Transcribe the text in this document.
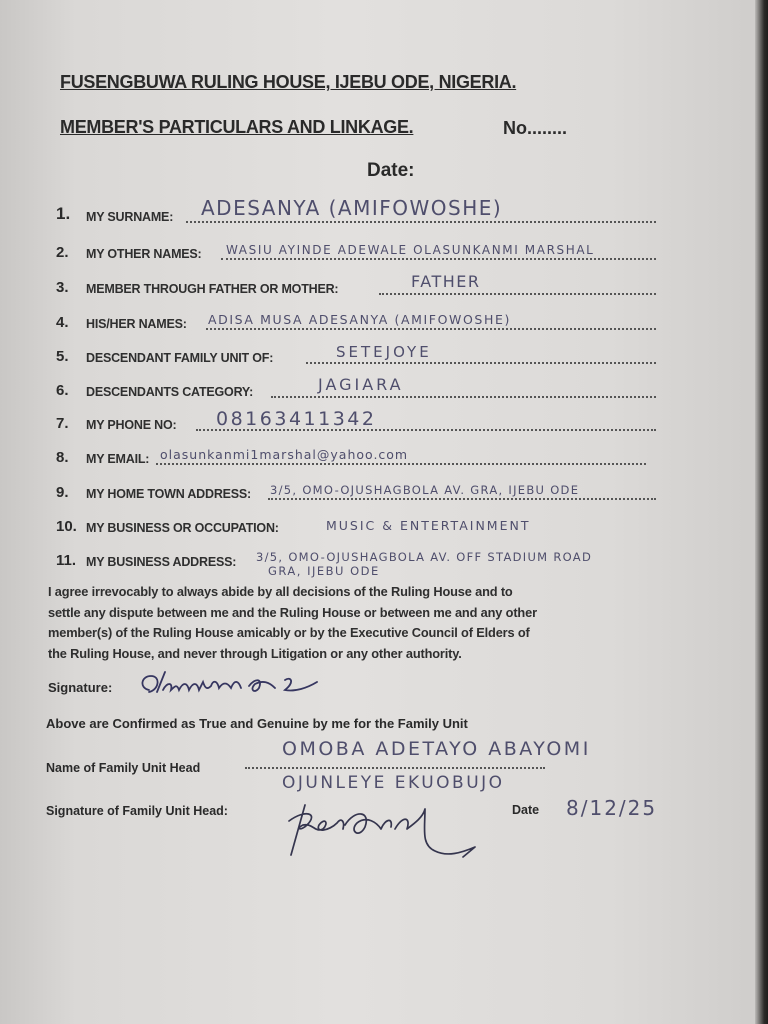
FUSENGBUWA RULING HOUSE, IJEBU ODE, NIGERIA.
MEMBER'S PARTICULARS AND LINKAGE.	No........
Date:
1. MY SURNAME: ADESANYA (AMIFOWOSHE)
2. MY OTHER NAMES: WASIU AYINDE ADEWALE OLASUNKANMI MARSHAL
3. MEMBER THROUGH FATHER OR MOTHER:	FATHER
4. HIS/HER NAMES: ADISA MUSA ADESANYA (AMIFOWOSHE)
5. DESCENDANT FAMILY UNIT OF:	SETEJOYE
6. DESCENDANTS CATEGORY:	JAGIARA
7. MY PHONE NO: 08163411342
8. MY EMAIL: olasunkanmi1marshal@yahoo.com
9. MY HOME TOWN ADDRESS: 3/5, OMO-OJUSHAGBOLA AV. GRA, IJEBU ODE
10. MY BUSINESS OR OCCUPATION:	MUSIC & ENTERTAINMENT
11. MY BUSINESS ADDRESS: 3/5, OMO-OJUSHAGBOLA AV. OFF STADIUM ROAD
GRA, IJEBU ODE
I agree irrevocably to always abide by all decisions of the Ruling House and to
settle any dispute between me and the Ruling House or between me and any other
member(s) of the Ruling House amicably or by the Executive Council of Elders of
the Ruling House, and never through Litigation or any other authority.
Signature:
Above are Confirmed as True and Genuine by me for the Family Unit
Name of Family Unit Head
OMOBA ADETAYO ABAYOMI
OJUNLEYE EKUOBUJO
Signature of Family Unit Head:	Date 8/12/25
